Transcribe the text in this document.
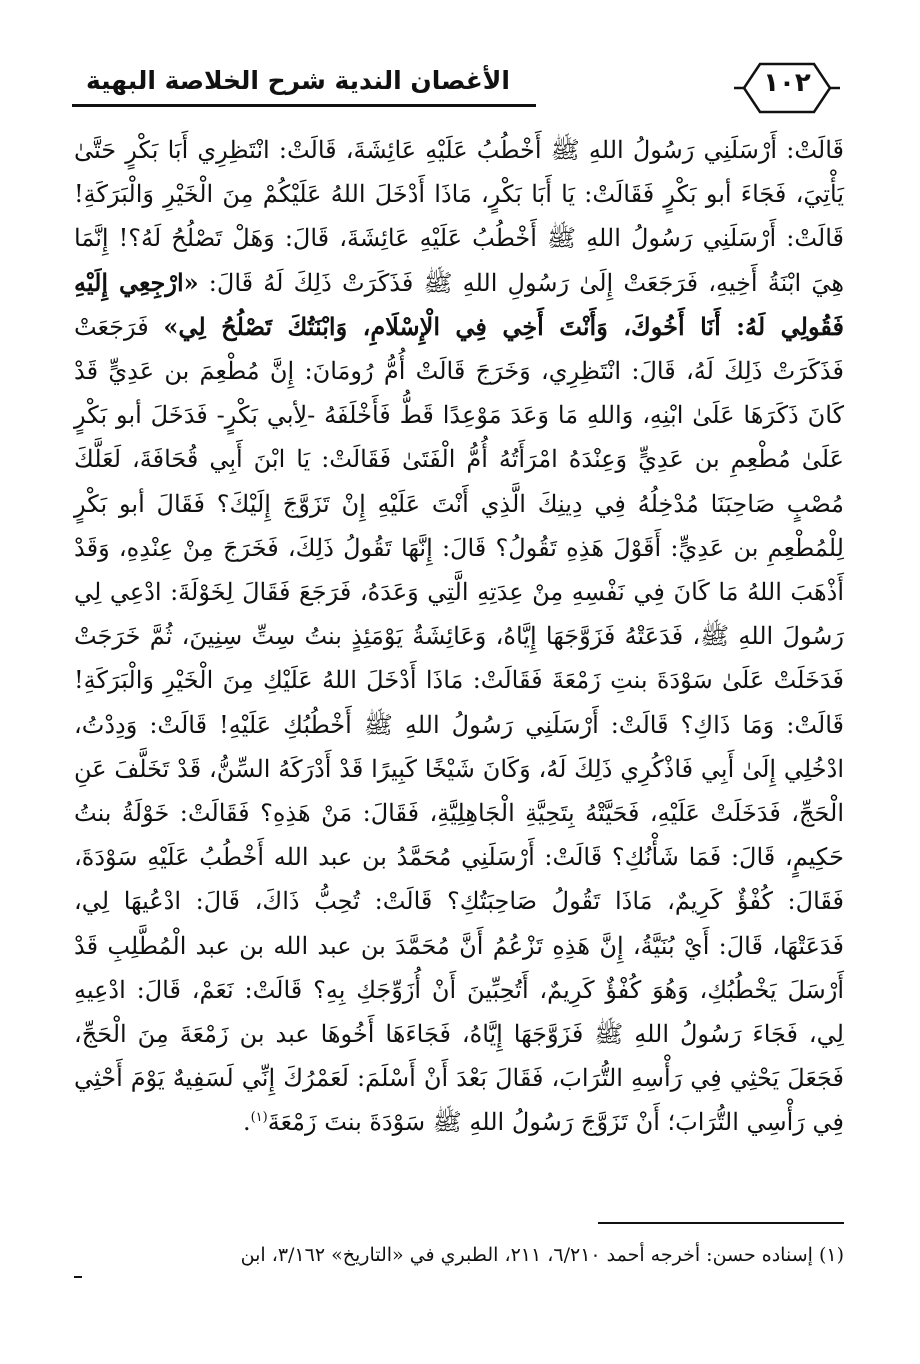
١٠٢
الأغصان الندية شرح الخلاصة البهية

قَالَتْ: أَرْسَلَنِي رَسُولُ اللهِ ﷺ أَخْطُبُ عَلَيْهِ عَائِشَةَ، قَالَتْ: انْتَظِرِي أَبَا بَكْرٍ حَتَّىٰ يَأْتِيَ، فَجَاءَ أبو بَكْرٍ فَقَالَتْ: يَا أَبَا بَكْرٍ، مَاذَا أَدْخَلَ اللهُ عَلَيْكُمْ مِنَ الْخَيْرِ وَالْبَرَكَةِ! قَالَتْ: أَرْسَلَنِي رَسُولُ اللهِ ﷺ أَخْطُبُ عَلَيْهِ عَائِشَةَ، قَالَ: وَهَلْ تَصْلُحُ لَهُ؟! إِنَّمَا هِيَ ابْنَةُ أَخِيهِ، فَرَجَعَتْ إِلَىٰ رَسُولِ اللهِ ﷺ فَذَكَرَتْ ذَلِكَ لَهُ قَالَ: «ارْجِعِي إِلَيْهِ فَقُولِي لَهُ: أَنَا أَخُوكَ، وَأَنْتَ أَخِي فِي الْإِسْلَامِ، وَابْنَتُكَ تَصْلُحُ لِي» فَرَجَعَتْ فَذَكَرَتْ ذَلِكَ لَهُ، قَالَ: انْتَظِرِي، وَخَرَجَ قَالَتْ أُمُّ رُومَانَ: إِنَّ مُطْعِمَ بن عَدِيٍّ قَدْ كَانَ ذَكَرَهَا عَلَىٰ ابْنِهِ، وَاللهِ مَا وَعَدَ مَوْعِدًا قَطُّ فَأَخْلَفَهُ -لِأبي بَكْرٍ- فَدَخَلَ أبو بَكْرٍ عَلَىٰ مُطْعِمِ بن عَدِيٍّ وَعِنْدَهُ امْرَأَتُهُ أُمُّ الْفَتَىٰ فَقَالَتْ: يَا ابْنَ أَبِي قُحَافَةَ، لَعَلَّكَ مُصْبٍ صَاحِبَنَا مُدْخِلُهُ فِي دِينِكَ الَّذِي أَنْتَ عَلَيْهِ إِنْ تَزَوَّجَ إِلَيْكَ؟ فَقَالَ أبو بَكْرٍ لِلْمُطْعِمِ بن عَدِيٍّ: أَقَوْلَ هَذِهِ تَقُولُ؟ قَالَ: إِنَّهَا تَقُولُ ذَلِكَ، فَخَرَجَ مِنْ عِنْدِهِ، وَقَدْ أَذْهَبَ اللهُ مَا كَانَ فِي نَفْسِهِ مِنْ عِدَتِهِ الَّتِي وَعَدَهُ، فَرَجَعَ فَقَالَ لِخَوْلَةَ: ادْعِي لِي رَسُولَ اللهِ ﷺ، فَدَعَتْهُ فَزَوَّجَهَا إِيَّاهُ، وَعَائِشَةُ يَوْمَئِذٍ بنتُ سِتِّ سِنِينَ، ثُمَّ خَرَجَتْ فَدَخَلَتْ عَلَىٰ سَوْدَةَ بنتِ زَمْعَةَ فَقَالَتْ: مَاذَا أَدْخَلَ اللهُ عَلَيْكِ مِنَ الْخَيْرِ وَالْبَرَكَةِ! قَالَتْ: وَمَا ذَاكِ؟ قَالَتْ: أَرْسَلَنِي رَسُولُ اللهِ ﷺ أَخْطُبُكِ عَلَيْهِ! قَالَتْ: وَدِدْتُ، ادْخُلِي إِلَىٰ أَبِي فَاذْكُرِي ذَلِكَ لَهُ، وَكَانَ شَيْخًا كَبِيرًا قَدْ أَدْرَكَهُ السِّنُّ، قَدْ تَخَلَّفَ عَنِ الْحَجِّ، فَدَخَلَتْ عَلَيْهِ، فَحَيَّتْهُ بِتَحِيَّةِ الْجَاهِلِيَّةِ، فَقَالَ: مَنْ هَذِهِ؟ فَقَالَتْ: خَوْلَةُ بنتُ حَكِيمٍ، قَالَ: فَمَا شَأْنُكِ؟ قَالَتْ: أَرْسَلَنِي مُحَمَّدُ بن عبد الله أَخْطُبُ عَلَيْهِ سَوْدَةَ، فَقَالَ: كُفْؤٌ كَرِيمٌ، مَاذَا تَقُولُ صَاحِبَتُكِ؟ قَالَتْ: تُحِبُّ ذَاكَ، قَالَ: ادْعُيهَا لِي، فَدَعَتْهَا، قَالَ: أَيْ بُنَيَّةُ، إِنَّ هَذِهِ تَزْعُمُ أَنَّ مُحَمَّدَ بن عبد الله بن عبد الْمُطَّلِبِ قَدْ أَرْسَلَ يَخْطُبُكِ، وَهُوَ كُفْؤٌ كَرِيمٌ، أَتُحِبِّينَ أَنْ أُزَوِّجَكِ بِهِ؟ قَالَتْ: نَعَمْ، قَالَ: ادْعِيهِ لِي، فَجَاءَ رَسُولُ اللهِ ﷺ فَزَوَّجَهَا إِيَّاهُ، فَجَاءَهَا أَخُوهَا عبد بن زَمْعَةَ مِنَ الْحَجِّ، فَجَعَلَ يَحْثِي فِي رَأْسِهِ التُّرَابَ، فَقَالَ بَعْدَ أَنْ أَسْلَمَ: لَعَمْرُكَ إِنِّي لَسَفِيهٌ يَوْمَ أَحْثِي فِي رَأْسِي التُّرَابَ؛ أَنْ تَزَوَّجَ رَسُولُ اللهِ ﷺ سَوْدَةَ بنتَ زَمْعَةَ$^{(١)}$.

(١) إسناده حسن: أخرجه أحمد ٦/٢١٠، ٢١١، الطبري في «التاريخ» ٣/١٦٢، ابن
